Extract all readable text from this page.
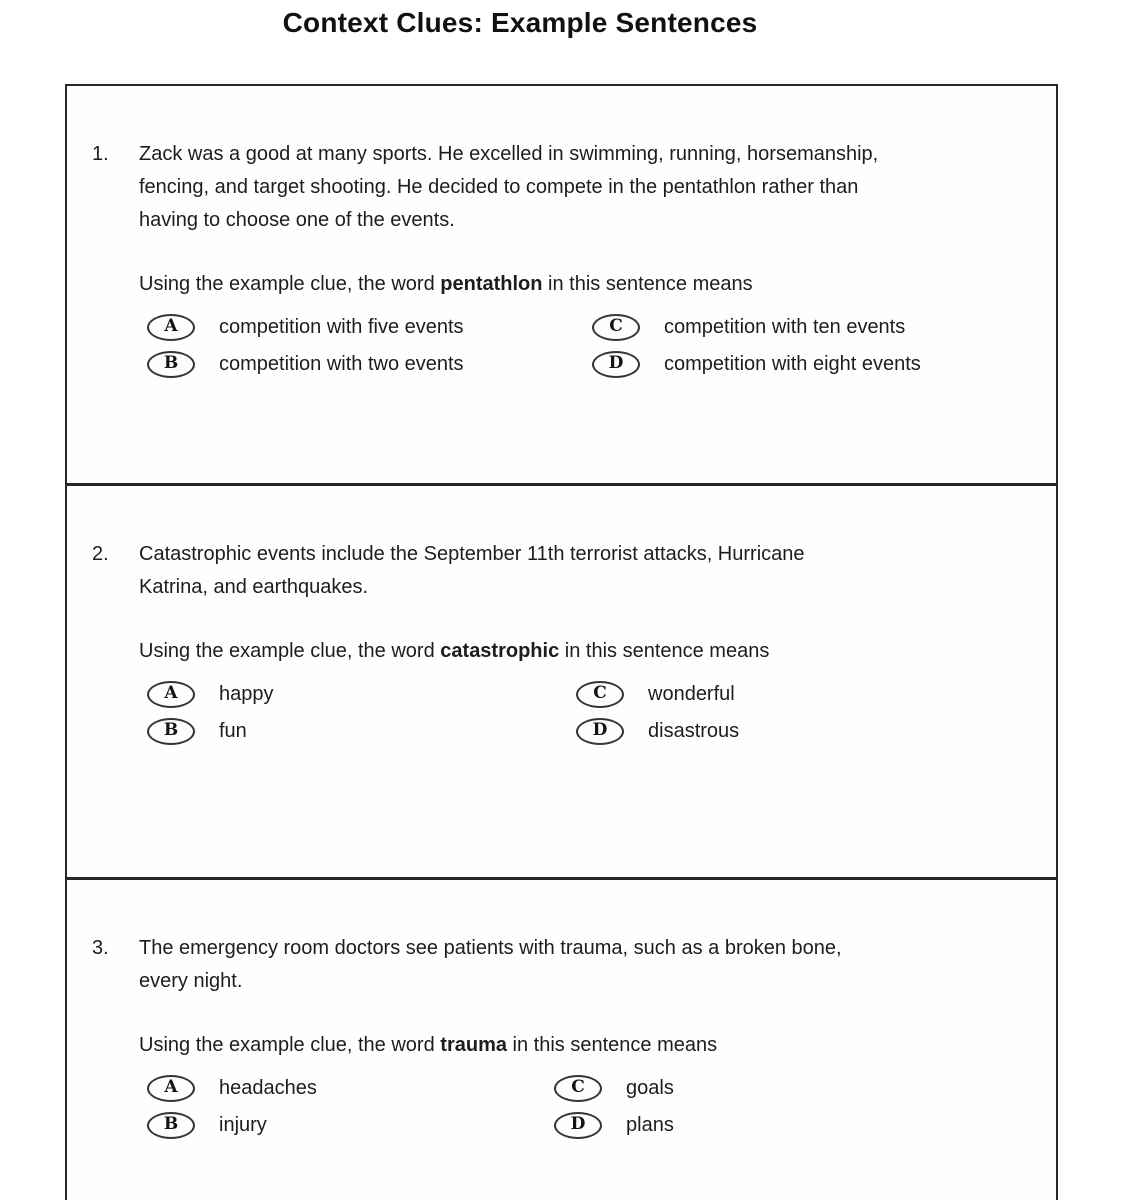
Context Clues: Example Sentences
1.	Zack was a good at many sports. He excelled in swimming, running, horsemanship,
fencing, and target shooting. He decided to compete in the pentathlon rather than
having to choose one of the events.

Using the example clue, the word pentathlon in this sentence means

A competition with five events	C competition with ten events
B competition with two events	D competition with eight events
2.	Catastrophic events include the September 11th terrorist attacks, Hurricane
Katrina, and earthquakes.

Using the example clue, the word catastrophic in this sentence means

A happy	C wonderful
B fun	D disastrous
3.	The emergency room doctors see patients with trauma, such as a broken bone,
every night.

Using the example clue, the word trauma in this sentence means

A headaches	C goals
B injury	D plans
